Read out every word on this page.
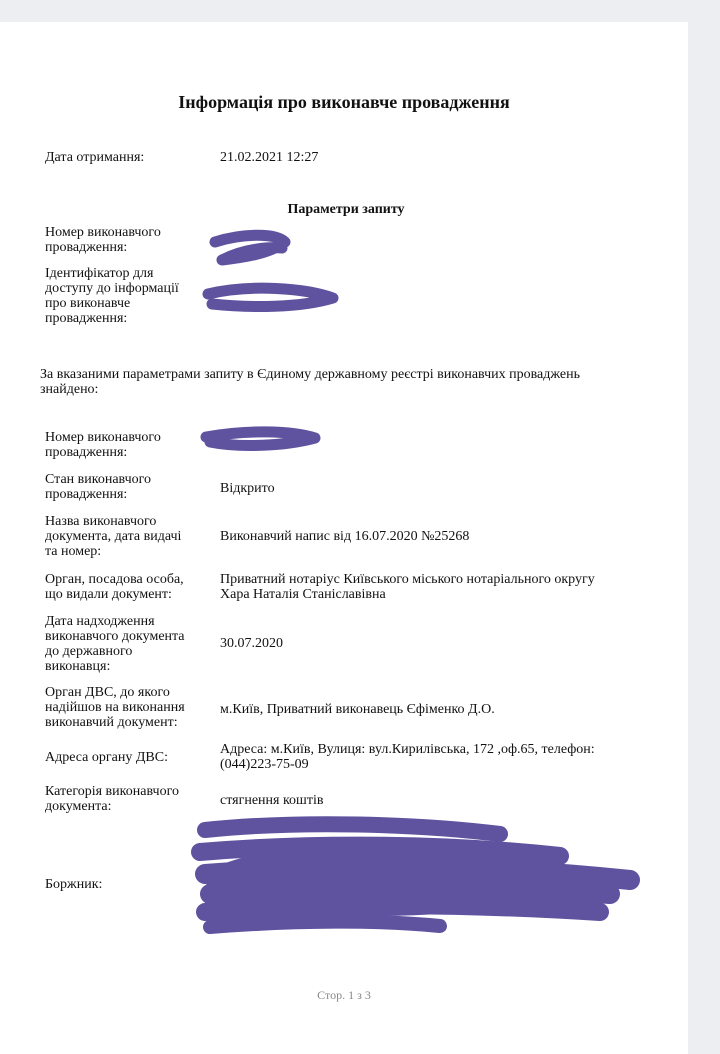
Інформація про виконавче провадження
Дата отримання:	21.02.2021 12:27
Параметри запиту
Номер виконавчого
провадження:
Ідентифікатор для
доступу до інформації
про виконавче
провадження:
За вказаними параметрами запиту в Єдиному державному реєстрі виконавчих проваджень
знайдено:
Номер виконавчого
провадження:
Стан виконавчого
провадження:	Відкрито
Назва виконавчого
документа, дата видачі
та номер:
Виконавчий напис від 16.07.2020 №25268
Орган, посадова особа,
що видали документ:
Приватний нотаріус Київського міського нотаріального округу
Хара Наталія Станіславівна
Дата надходження
виконавчого документа
до державного
виконавця:
30.07.2020
Орган ДВС, до якого
надійшов на виконання
виконавчий документ:
м.Київ, Приватний виконавець Єфіменко Д.О.
Адреса органу ДВС:
Адреса: м.Київ, Вулиця: вул.Кирилівська, 172 ,оф.65, телефон:
(044)223-75-09
Категорія виконавчого
документа:	стягнення коштів
Боржник:
Стор. 1 з 3
